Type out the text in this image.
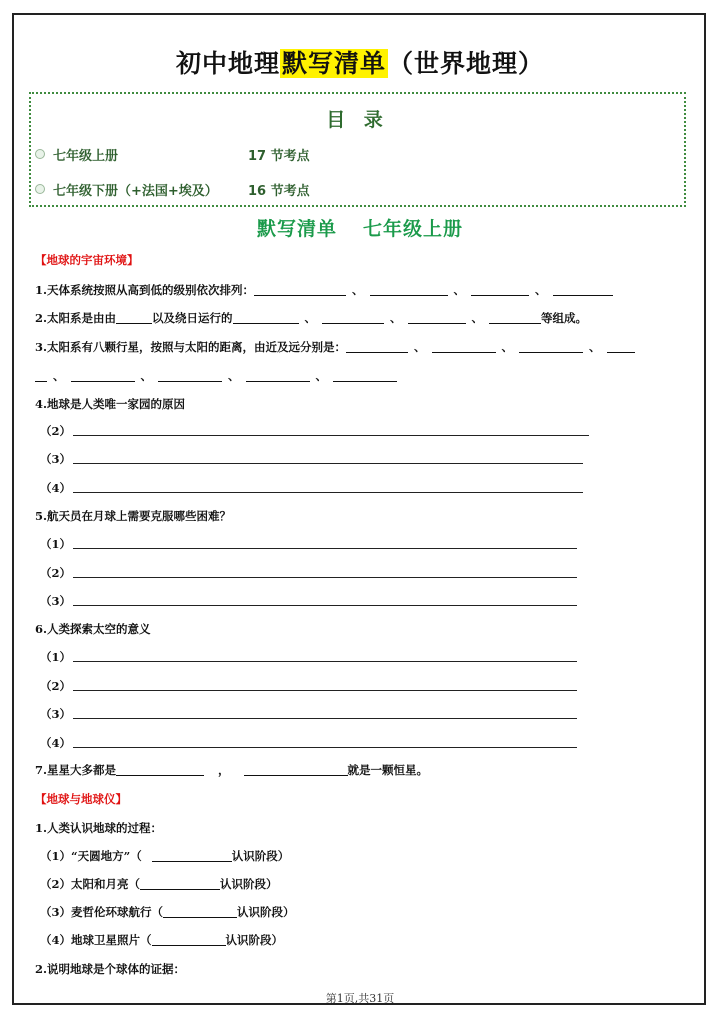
初中地理默写清单（世界地理）
目 录
七年级上册	17 节考点
七年级下册（+法国+埃及） 16 节考点
默写清单 七年级上册
【地球的宇宙环境】
1.天体系统按照从高到低的级别依次排列：	、	、	、
2.太阳系是由由	以及绕日运行的	、	、	、	等组成。
3.太阳系有八颗行星，按照与太阳的距离，由近及远分别是：	、	、	、
、	、	、	、
4.地球是人类唯一家园的原因
（2）
（3）
（4）
5.航天员在月球上需要克服哪些困难？
（1）
（2）
（3）
6.人类探索太空的意义
（1）
（2）
（3）
（4）
7.星星大多都是	，	就是一颗恒星。
【地球与地球仪】
1.人类认识地球的过程：
（1）“天圆地方”（	认识阶段）
（2）太阳和月亮（	认识阶段）
（3）麦哲伦环球航行（	认识阶段）
（4）地球卫星照片（	认识阶段）
2.说明地球是个球体的证据：
第1页,共31页
